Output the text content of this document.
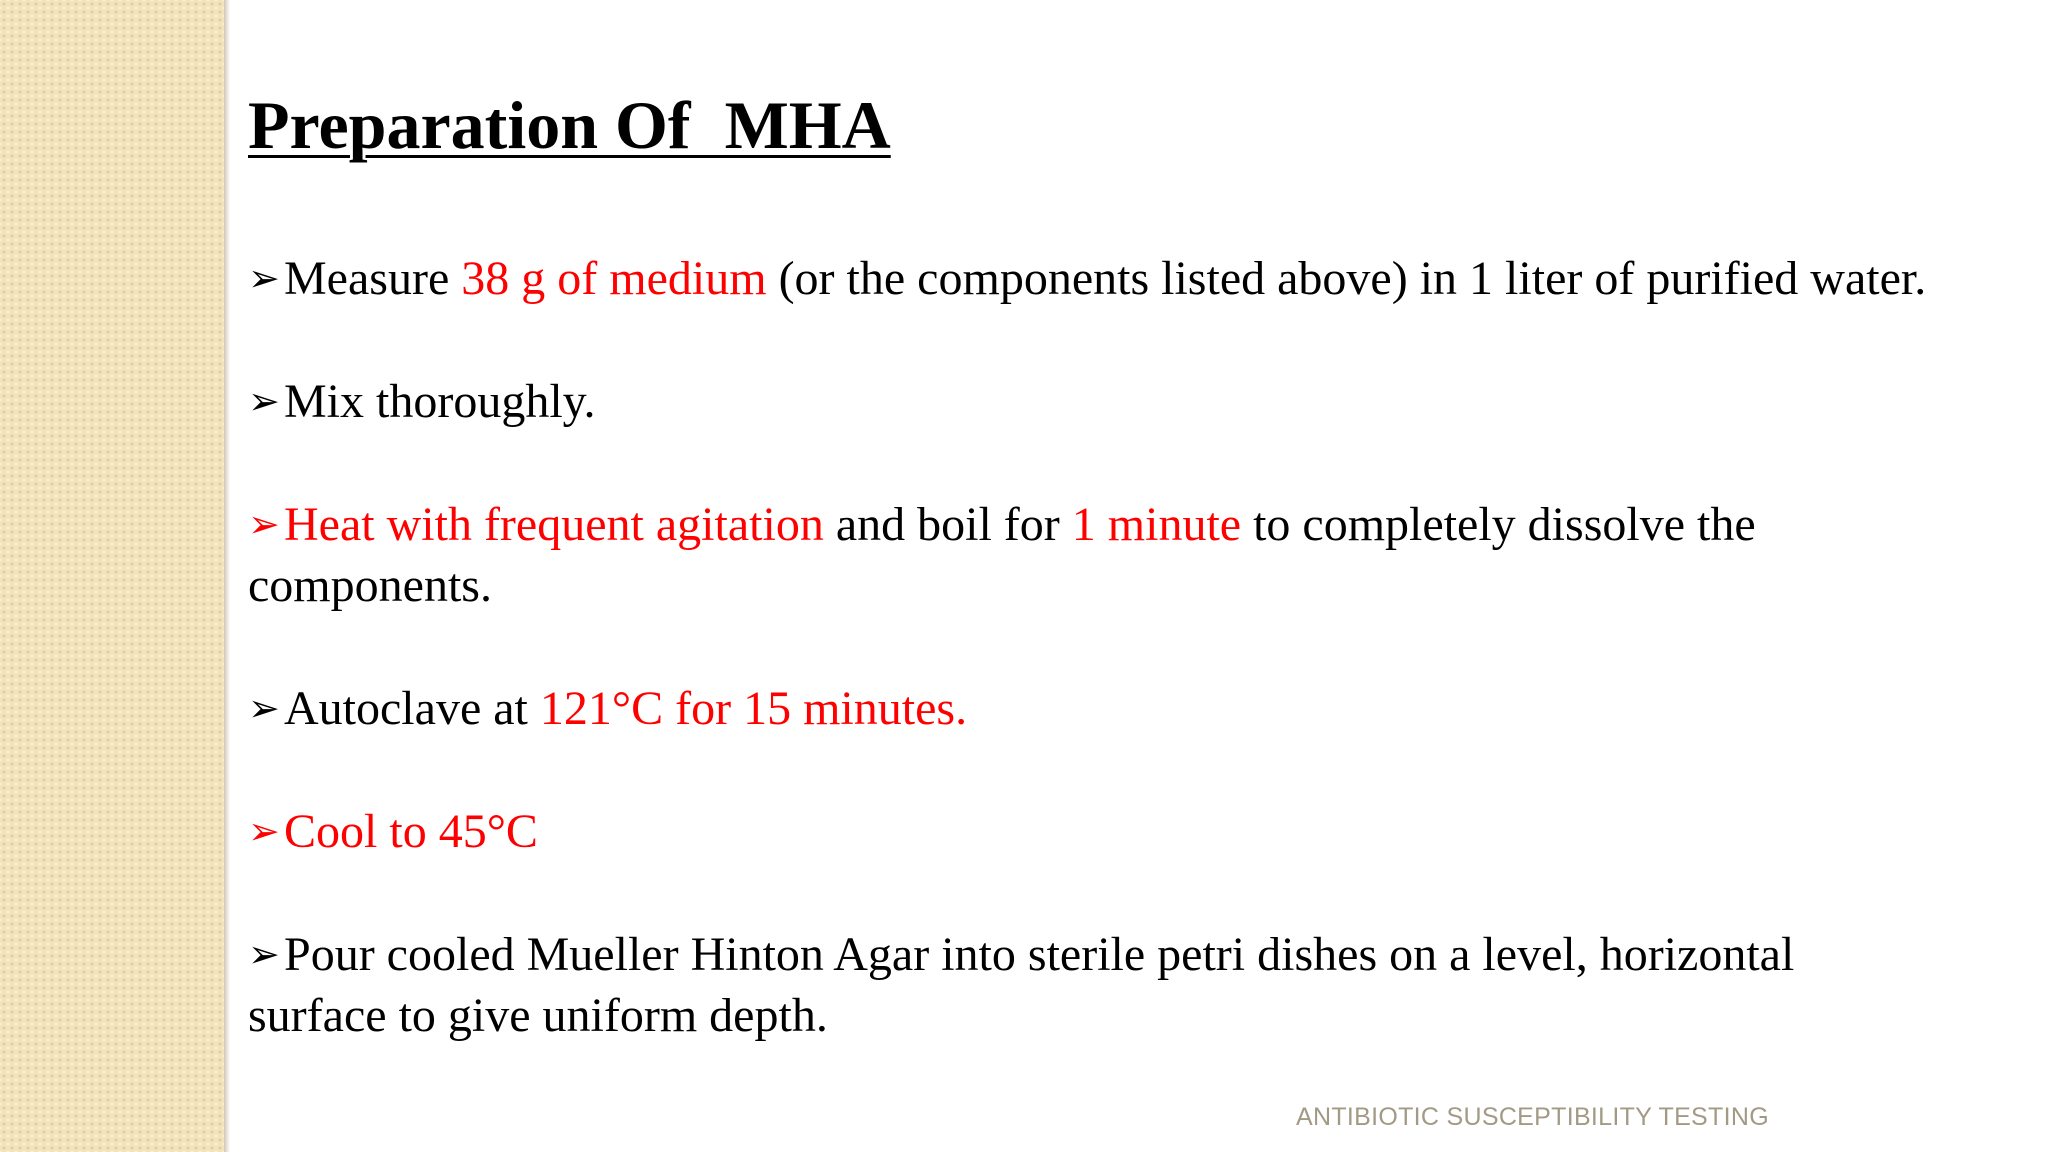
Preparation Of  MHA
➢Measure 38 g of medium (or the components listed above) in 1 liter of purified water.
➢Mix thoroughly.
➢Heat with frequent agitation and boil for 1 minute to completely dissolve the components.
➢Autoclave at 121°C for 15 minutes.
➢Cool to 45°C
➢Pour cooled Mueller Hinton Agar into sterile petri dishes on a level, horizontal surface to give uniform depth.
ANTIBIOTIC SUSCEPTIBILITY TESTING
